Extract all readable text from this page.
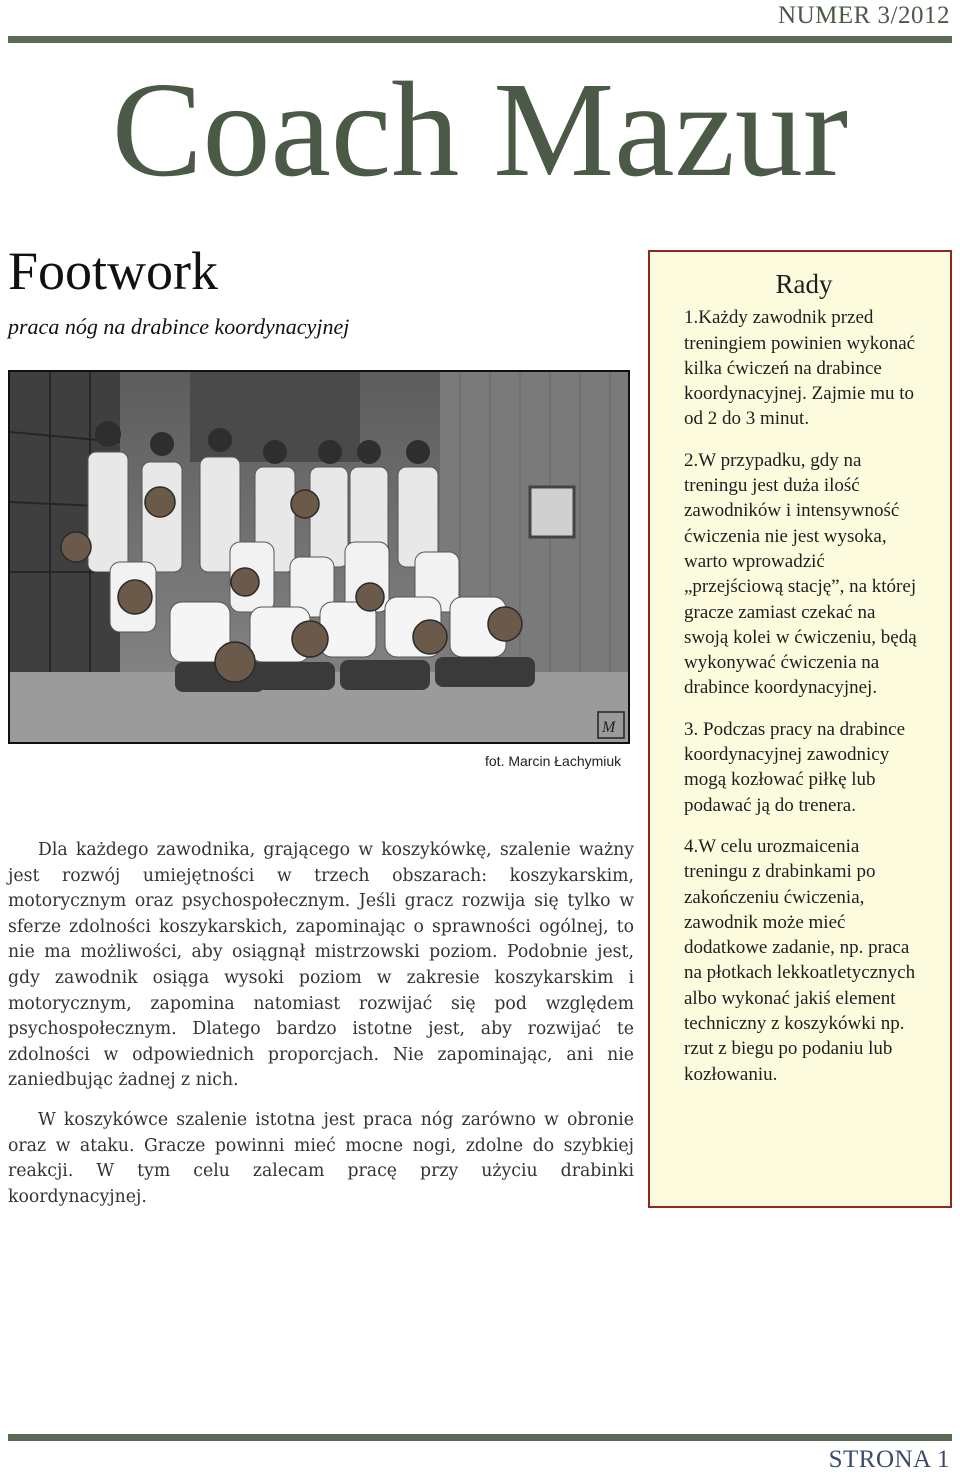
NUMER 3/2012
Coach Mazur
Footwork
praca nóg na drabince koordynacyjnej
M
fot. Marcin Łachymiuk

Dla każdego zawodnika, grającego w koszykówkę, szalenie ważny jest rozwój umiejętności w trzech obszarach: koszykarskim, motorycznym oraz psychospołecznym. Jeśli gracz rozwija się tylko w sferze zdolności koszykarskich, zapominając o sprawności ogólnej, to nie ma możliwości, aby osiągnął mistrzowski poziom. Podobnie jest, gdy zawodnik osiąga wysoki poziom w zakresie koszykarskim i motorycznym, zapomina natomiast rozwijać się pod względem psychospołecznym. Dlatego bardzo istotne jest, aby rozwijać te zdolności w odpowiednich proporcjach. Nie zapominając, ani nie zaniedbując żadnej z nich.

W koszykówce szalenie istotna jest praca nóg zarówno w obronie oraz w ataku. Gracze powinni mieć mocne nogi, zdolne do szybkiej reakcji. W tym celu zalecam pracę przy użyciu drabinki koordynacyjnej.

Rady
1.Każdy zawodnik przed treningiem powinien wykonać kilka ćwiczeń na drabince koordynacyjnej. Zajmie mu to od 2 do 3 minut.
2.W przypadku, gdy na treningu jest duża ilość zawodników i intensywność ćwiczenia nie jest wysoka, warto wprowadzić „przejściową stację”, na której gracze zamiast czekać na swoją kolei w ćwiczeniu, będą wykonywać ćwiczenia na drabince koordynacyjnej.
3. Podczas pracy na drabince koordynacyjnej zawodnicy mogą kozłować piłkę lub podawać ją do trenera.
4.W celu urozmaicenia treningu z drabinkami po zakończeniu ćwiczenia, zawodnik może mieć dodatkowe zadanie, np. praca na płotkach lekkoatletycznych albo wykonać jakiś element techniczny z koszykówki np. rzut z biegu po podaniu lub kozłowaniu.
STRONA 1
